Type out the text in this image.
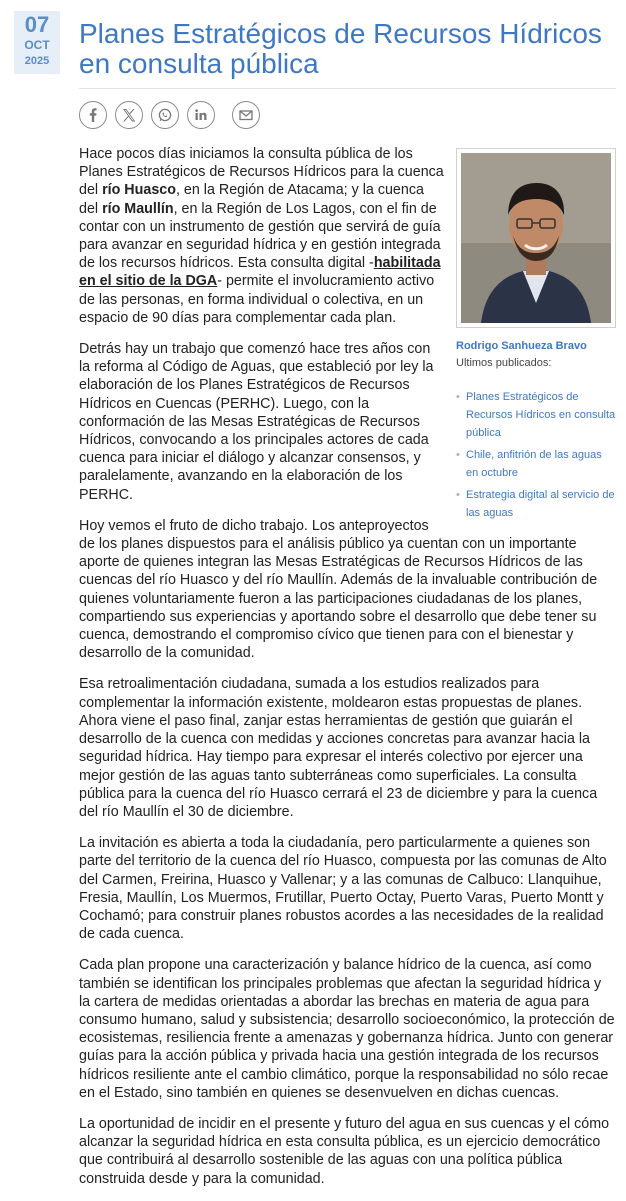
07
OCT
2025
Planes Estratégicos de Recursos Hídricos en consulta pública
Rodrigo Sanhueza Bravo
Ultimos publicados:
• Planes Estratégicos de Recursos Hídricos en consulta pública
• Chile, anfitrión de las aguas en octubre
• Estrategia digital al servicio de las aguas

Hace pocos días iniciamos la consulta pública de los Planes Estratégicos de Recursos Hídricos para la cuenca del río Huasco, en la Región de Atacama; y la cuenca del río Maullín, en la Región de Los Lagos, con el fin de contar con un instrumento de gestión que servirá de guía para avanzar en seguridad hídrica y en gestión integrada de los recursos hídricos. Esta consulta digital -habilitada en el sitio de la DGA- permite el involucramiento activo de las personas, en forma individual o colectiva, en un espacio de 90 días para complementar cada plan.

Detrás hay un trabajo que comenzó hace tres años con la reforma al Código de Aguas, que estableció por ley la elaboración de los Planes Estratégicos de Recursos Hídricos en Cuencas (PERHC). Luego, con la conformación de las Mesas Estratégicas de Recursos Hídricos, convocando a los principales actores de cada cuenca para iniciar el diálogo y alcanzar consensos, y paralelamente, avanzando en la elaboración de los PERHC.

Hoy vemos el fruto de dicho trabajo. Los anteproyectos de los planes dispuestos para el análisis público ya cuentan con un importante aporte de quienes integran las Mesas Estratégicas de Recursos Hídricos de las cuencas del río Huasco y del río Maullín. Además de la invaluable contribución de quienes voluntariamente fueron a las participaciones ciudadanas de los planes, compartiendo sus experiencias y aportando sobre el desarrollo que debe tener su cuenca, demostrando el compromiso cívico que tienen para con el bienestar y desarrollo de la comunidad.

Esa retroalimentación ciudadana, sumada a los estudios realizados para complementar la información existente, moldearon estas propuestas de planes. Ahora viene el paso final, zanjar estas herramientas de gestión que guiarán el desarrollo de la cuenca con medidas y acciones concretas para avanzar hacia la seguridad hídrica. Hay tiempo para expresar el interés colectivo por ejercer una mejor gestión de las aguas tanto subterráneas como superficiales. La consulta pública para la cuenca del río Huasco cerrará el 23 de diciembre y para la cuenca del río Maullín el 30 de diciembre.

La invitación es abierta a toda la ciudadanía, pero particularmente a quienes son parte del territorio de la cuenca del río Huasco, compuesta por las comunas de Alto del Carmen, Freirina, Huasco y Vallenar; y a las comunas de Calbuco: Llanquihue, Fresia, Maullín, Los Muermos, Frutillar, Puerto Octay, Puerto Varas, Puerto Montt y Cochamó; para construir planes robustos acordes a las necesidades de la realidad de cada cuenca.

Cada plan propone una caracterización y balance hídrico de la cuenca, así como también se identifican los principales problemas que afectan la seguridad hídrica y la cartera de medidas orientadas a abordar las brechas en materia de agua para consumo humano, salud y subsistencia; desarrollo socioeconómico, la protección de ecosistemas, resiliencia frente a amenazas y gobernanza hídrica. Junto con generar guías para la acción pública y privada hacia una gestión integrada de los recursos hídricos resiliente ante el cambio climático, porque la responsabilidad no sólo recae en el Estado, sino también en quienes se desenvuelven en dichas cuencas.

La oportunidad de incidir en el presente y futuro del agua en sus cuencas y el cómo alcanzar la seguridad hídrica en esta consulta pública, es un ejercicio democrático que contribuirá al desarrollo sostenible de las aguas con una política pública construida desde y para la comunidad.
